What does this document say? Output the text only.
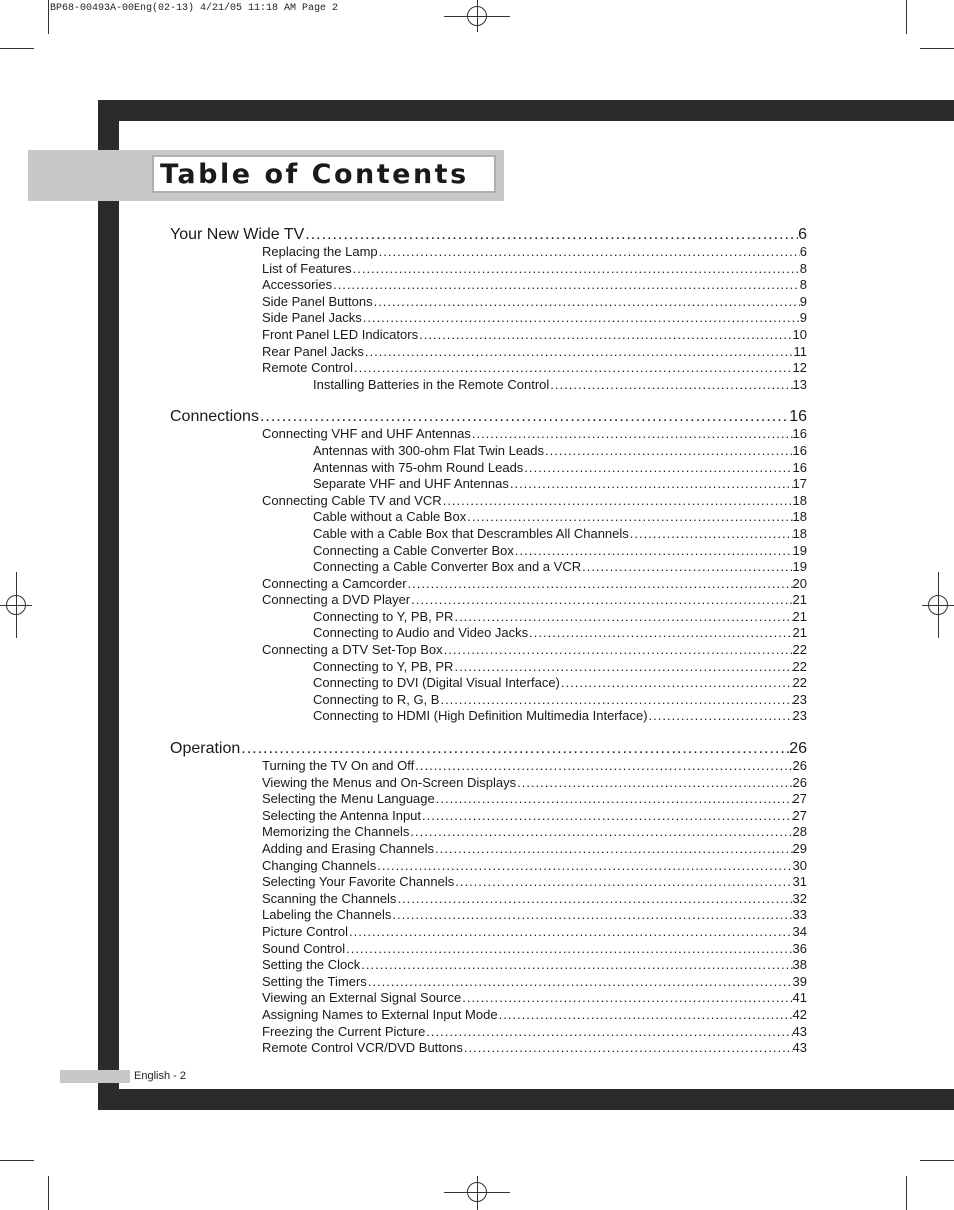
BP68-00493A-00Eng(02-13) 4/21/05 11:18 AM Page 2
Table of Contents
Your New Wide TV .....	6
Replacing the Lamp .....	6
List of Features .....	8
Accessories .....	8
Side Panel Buttons .....	9
Side Panel Jacks .....	9
Front Panel LED Indicators .....	10
Rear Panel Jacks .....	11
Remote Control .....	12
Installing Batteries in the Remote Control .....	13
Connections .....	16
Connecting VHF and UHF Antennas .....	16
Antennas with 300-ohm Flat Twin Leads .....	16
Antennas with 75-ohm Round Leads .....	16
Separate VHF and UHF Antennas .....	17
Connecting Cable TV and VCR .....	18
Cable without a Cable Box .....	18
Cable with a Cable Box that Descrambles All Channels .....	18
Connecting a Cable Converter Box .....	19
Connecting a Cable Converter Box and a VCR .....	19
Connecting a Camcorder .....	20
Connecting a DVD Player .....	21
Connecting to Y, PB, PR .....	21
Connecting to Audio and Video Jacks .....	21
Connecting a DTV Set-Top Box .....	22
Connecting to Y, PB, PR .....	22
Connecting to DVI (Digital Visual Interface) .....	22
Connecting to R, G, B .....	23
Connecting to HDMI (High Definition Multimedia Interface) .....	23
Operation .....	26
Turning the TV On and Off .....	26
Viewing the Menus and On-Screen Displays .....	26
Selecting the Menu Language .....	27
Selecting the Antenna Input .....	27
Memorizing the Channels .....	28
Adding and Erasing Channels .....	29
Changing Channels .....	30
Selecting Your Favorite Channels .....	31
Scanning the Channels .....	32
Labeling the Channels .....	33
Picture Control .....	34
Sound Control .....	36
Setting the Clock .....	38
Setting the Timers .....	39
Viewing an External Signal Source .....	41
Assigning Names to External Input Mode .....	42
Freezing the Current Picture .....	43
Remote Control VCR/DVD Buttons .....	43
English - 2
